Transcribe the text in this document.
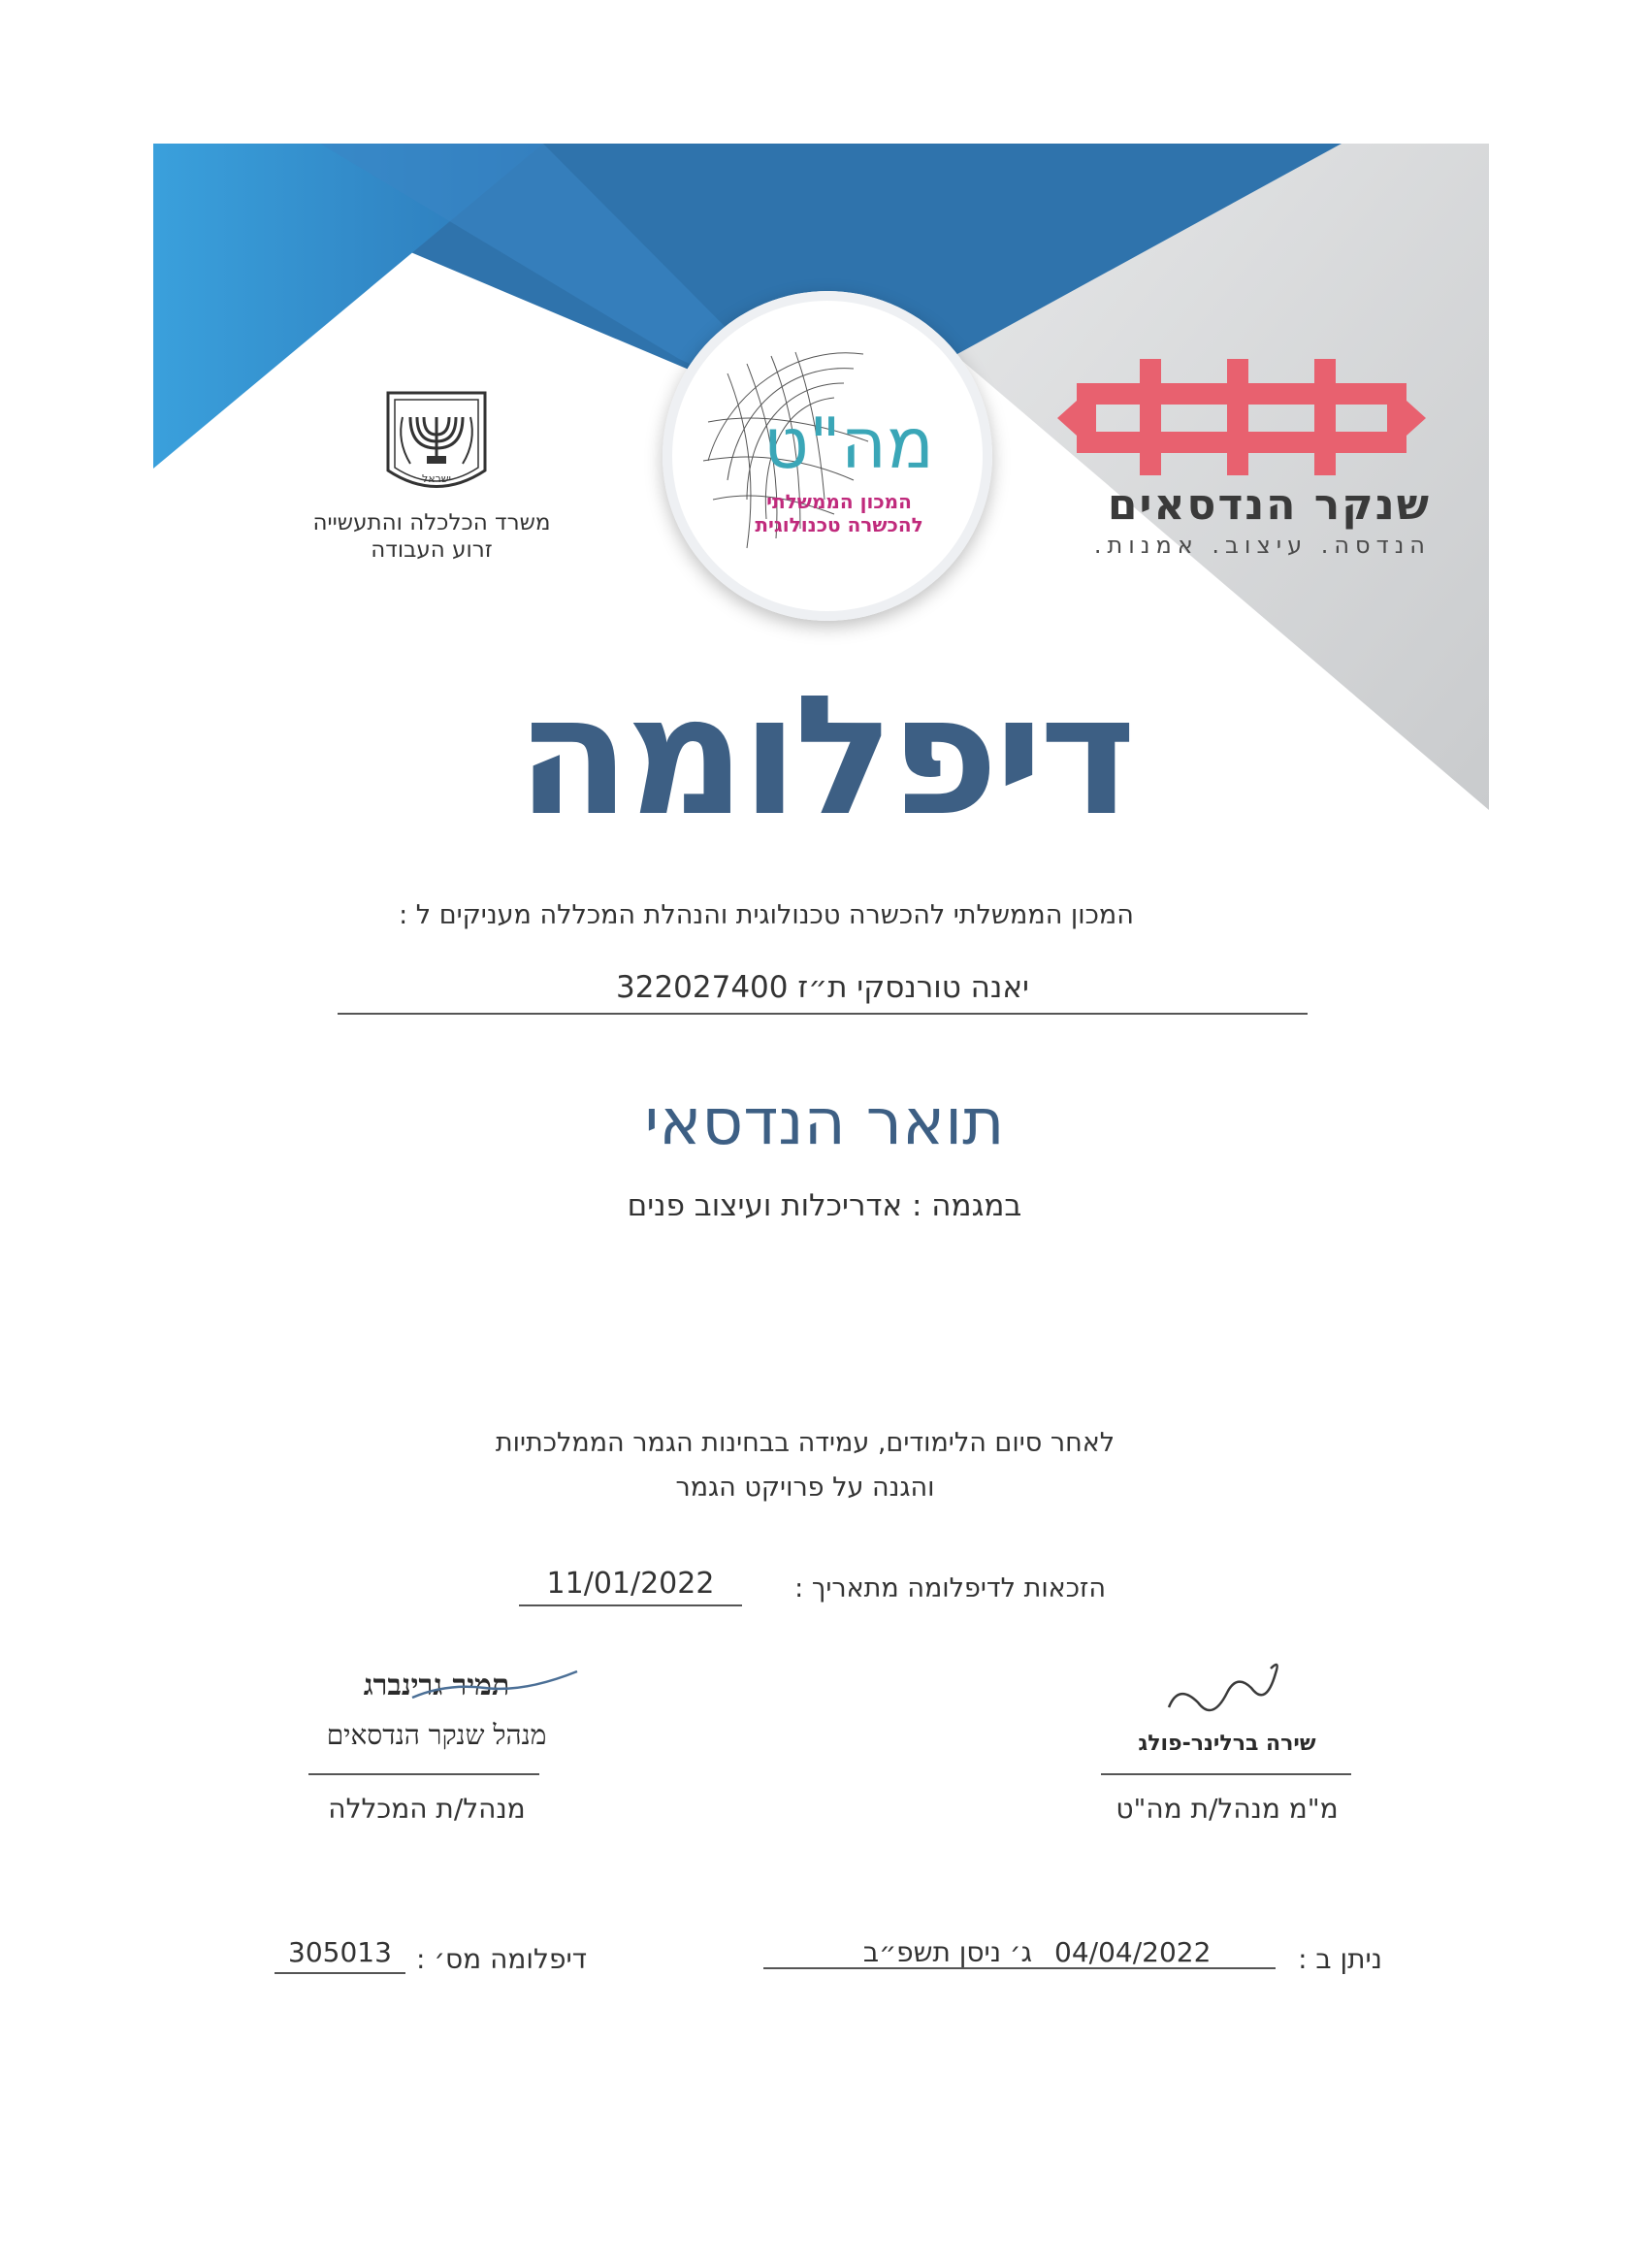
מה"ט
המכון הממשלתי
להכשרה טכנולוגית
ישראל
משרד הכלכלה והתעשייה
זרוע העבודה
שנקר הנדסאים
הנדסה. עיצוב. אמנות.
דיפלומה
המכון הממשלתי להכשרה טכנולוגית והנהלת המכללה מעניקים ל :
יאנה טורנסקי ת״ז 322027400
תואר הנדסאי
במגמה : אדריכלות ועיצוב פנים
לאחר סיום הלימודים, עמידה בבחינות הגמר הממלכתיות
והגנה על פרויקט הגמר
הזכאות לדיפלומה מתאריך :
11/01/2022
תמיר גרינברג
מנהל שנקר הנדסאים
מנהל/ת המכללה
שירה ברלינר-פולג
מ"מ מנהל/ת מה"ט
דיפלומה מס׳ :
305013	ניתן ב :
04/04/2022
ג׳ ניסן תשפ״ב
